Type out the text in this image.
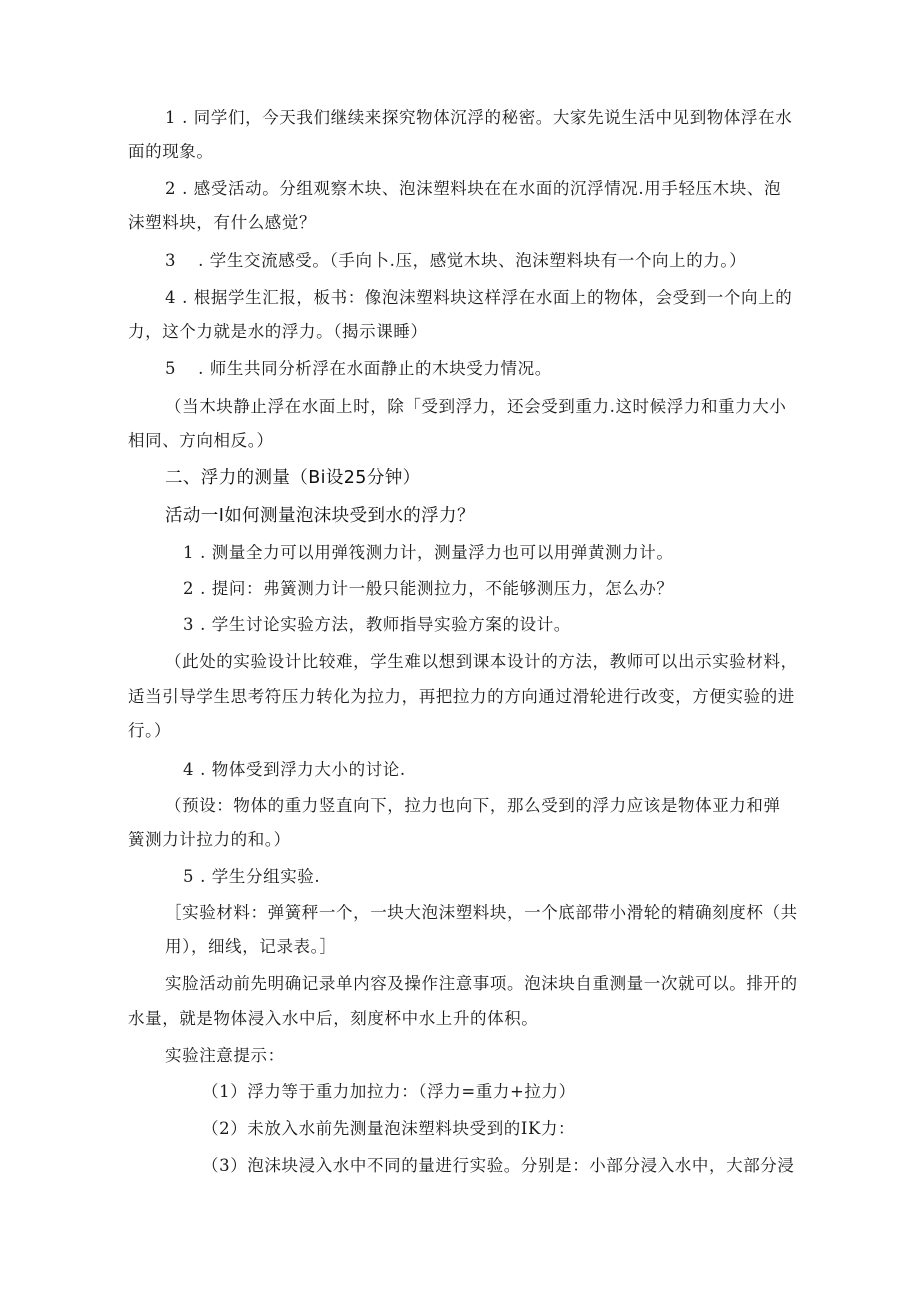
1 . 同学们，今天我们继续来探究物体沉浮的秘密。大家先说生活中见到物体浮在水
面的现象。
2 . 感受活动。分组观察木块、泡沫塑料块在在水面的沉浮情况.用手轻压木块、泡
沫塑料块，有什么感觉？
3 . 学生交流感受。（手向卜.压，感觉木块、泡沫塑料块有一个向上的力。）
4 . 根据学生汇报，板书：像泡沫塑料块这样浮在水面上的物体，会受到一个向上的
力，这个力就是水的浮力。（揭示课睡）
5 . 师生共同分析浮在水面静止的木块受力情况。
（当木块静止浮在水面上时，除「受到浮力，还会受到重力.这时候浮力和重力大小
相同、方向相反。）
二、浮力的测量（Bi设25分钟）
活动一I如何测量泡沫块受到水的浮力？
1 . 测量全力可以用弹筏测力计，测量浮力也可以用弹黄测力计。
2 . 提问：弗簧测力计一般只能测拉力，不能够测压力，怎么办？
3 . 学生讨论实验方法，教师指导实验方案的设计。
（此处的实验设计比较难，学生难以想到课本设计的方法，教师可以出示实验材料，
适当引导学生思考符压力转化为拉力，再把拉力的方向通过滑轮进行改变，方便实验的进
行。）
4 . 物体受到浮力大小的讨论.
（预设：物体的重力竖直向下，拉力也向下，那么受到的浮力应该是物体亚力和弹
簧测力计拉力的和。）
5 . 学生分组实验.
［实验材料：弹簧秤一个，一块大泡沫塑料块，一个底部带小滑轮的精确刻度杯（共
用），细线，记录表。］
实脸活动前先明确记录单内容及操作注意事项。泡沫块自重测量一次就可以。排开的
水量，就是物体浸入水中后，刻度杯中水上升的体积。
实验注意提示：
（1）浮力等于重力加拉力：（浮力=重力+拉力）
（2）未放入水前先测量泡沫塑料块受到的IK力：
（3）泡沫块浸入水中不同的量进行实验。分别是：小部分浸入水中，大部分浸
